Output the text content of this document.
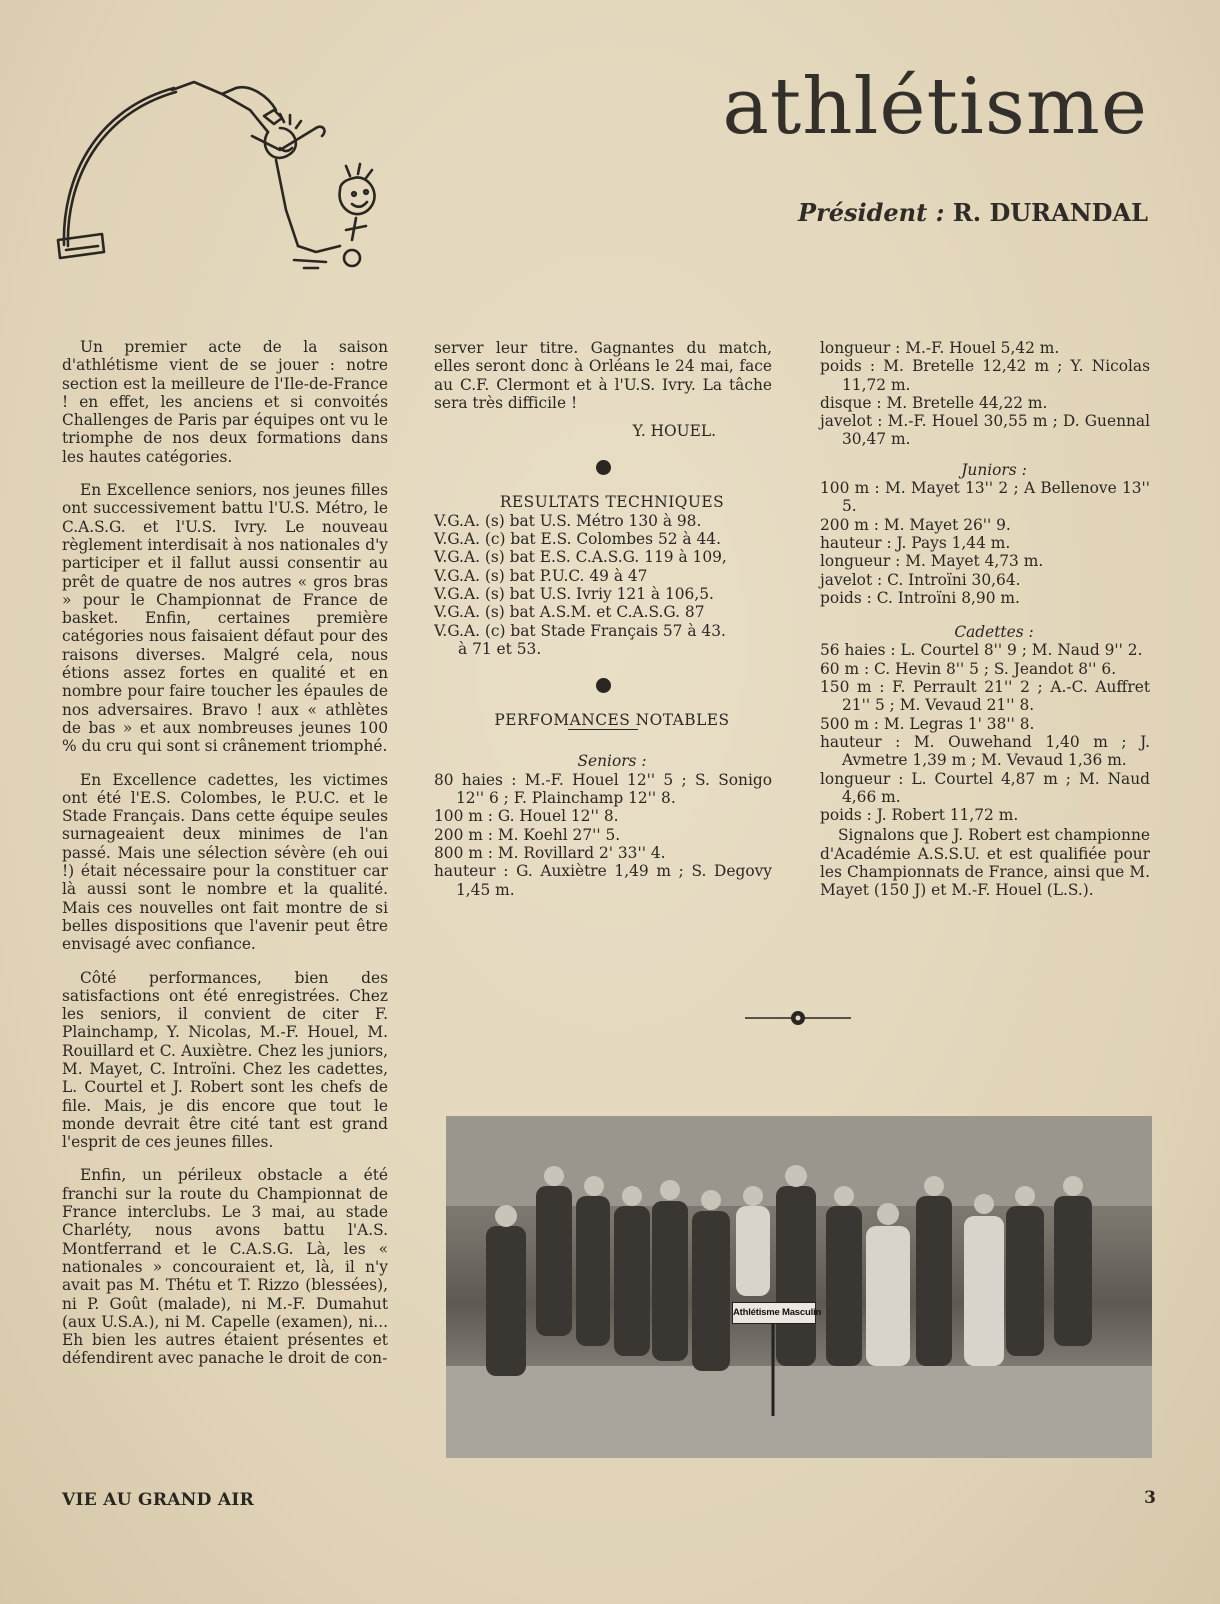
athlétisme
Président : R. DURANDAL

Un premier acte de la saison d'athlétisme vient de se jouer : notre section est la meilleure de l'Ile-de-France ! en effet, les anciens et si convoités Challenges de Paris par équipes ont vu le triomphe de nos deux formations dans les hautes catégories.

En Excellence seniors, nos jeunes filles ont successivement battu l'U.S. Métro, le C.A.S.G. et l'U.S. Ivry. Le nouveau règlement interdisait à nos nationales d'y participer et il fallut aussi consentir au prêt de quatre de nos autres « gros bras » pour le Championnat de France de basket. Enfin, certaines première catégories nous faisaient défaut pour des raisons diverses. Malgré cela, nous étions assez fortes en qualité et en nombre pour faire toucher les épaules de nos adversaires. Bravo ! aux « athlètes de bas » et aux nombreuses jeunes 100 % du cru qui sont si crânement triomphé.

En Excellence cadettes, les victimes ont été l'E.S. Colombes, le P.U.C. et le Stade Français. Dans cette équipe seules surnageaient deux minimes de l'an passé. Mais une sélection sévère (eh oui !) était nécessaire pour la constituer car là aussi sont le nombre et la qualité. Mais ces nouvelles ont fait montre de si belles dispositions que l'avenir peut être envisagé avec confiance.

Côté performances, bien des satisfactions ont été enregistrées. Chez les seniors, il convient de citer F. Plainchamp, Y. Nicolas, M.-F. Houel, M. Rouillard et C. Auxiètre. Chez les juniors, M. Mayet, C. Introïni. Chez les cadettes, L. Courtel et J. Robert sont les chefs de file. Mais, je dis encore que tout le monde devrait être cité tant est grand l'esprit de ces jeunes filles.

Enfin, un périleux obstacle a été franchi sur la route du Championnat de France interclubs. Le 3 mai, au stade Charléty, nous avons battu l'A.S. Montferrand et le C.A.S.G. Là, les « nationales » concouraient et, là, il n'y avait pas M. Thétu et T. Rizzo (blessées), ni P. Goût (malade), ni M.-F. Dumahut (aux U.S.A.), ni M. Capelle (examen), ni... Eh bien les autres étaient présentes et défendirent avec panache le droit de con-

server leur titre. Gagnantes du match, elles seront donc à Orléans le 24 mai, face au C.F. Clermont et à l'U.S. Ivry. La tâche sera très difficile !

Y. HOUEL.

RESULTATS TECHNIQUES

V.G.A. (s) bat U.S. Métro 130 à 98.
V.G.A. (c) bat E.S. Colombes 52 à 44.
V.G.A. (s) bat E.S. C.A.S.G. 119 à 109,
V.G.A. (s) bat P.U.C. 49 à 47
V.G.A. (s) bat U.S. Ivriy 121 à 106,5.
V.G.A. (s) bat A.S.M. et C.A.S.G. 87
V.G.A. (c) bat Stade Français 57 à 43.
à 71 et 53.

PERFOMANCES NOTABLES

Seniors :

80 haies : M.-F. Houel 12'' 5 ; S. Sonigo 12'' 6 ; F. Plainchamp 12'' 8.
100 m : G. Houel 12'' 8.
200 m : M. Koehl 27'' 5.
800 m : M. Rovillard 2' 33'' 4.
hauteur : G. Auxiètre 1,49 m ; S. Degovy 1,45 m.
longueur : M.-F. Houel 5,42 m.
poids : M. Bretelle 12,42 m ; Y. Nicolas 11,72 m.
disque : M. Bretelle 44,22 m.
javelot : M.-F. Houel 30,55 m ; D. Guennal 30,47 m.

Juniors :

100 m : M. Mayet 13'' 2 ; A Bellenove 13'' 5.
200 m : M. Mayet 26'' 9.
hauteur : J. Pays 1,44 m.
longueur : M. Mayet 4,73 m.
javelot : C. Introïni 30,64.
poids : C. Introïni 8,90 m.

Cadettes :

56 haies : L. Courtel 8'' 9 ; M. Naud 9'' 2.
60 m : C. Hevin 8'' 5 ; S. Jeandot 8'' 6.
150 m : F. Perrault 21'' 2 ; A.-C. Auffret 21'' 5 ; M. Vevaud 21'' 8.
500 m : M. Legras 1' 38'' 8.
hauteur : M. Ouwehand 1,40 m ; J. Avmetre 1,39 m ; M. Vevaud 1,36 m.
longueur : L. Courtel 4,87 m ; M. Naud 4,66 m.
poids : J. Robert 11,72 m.

Signalons que J. Robert est championne d'Académie A.S.S.U. et est qualifiée pour les Championnats de France, ainsi que M. Mayet (150 J) et M.-F. Houel (L.S.).

Athlétisme Masculin
VIE AU GRAND AIR	3
